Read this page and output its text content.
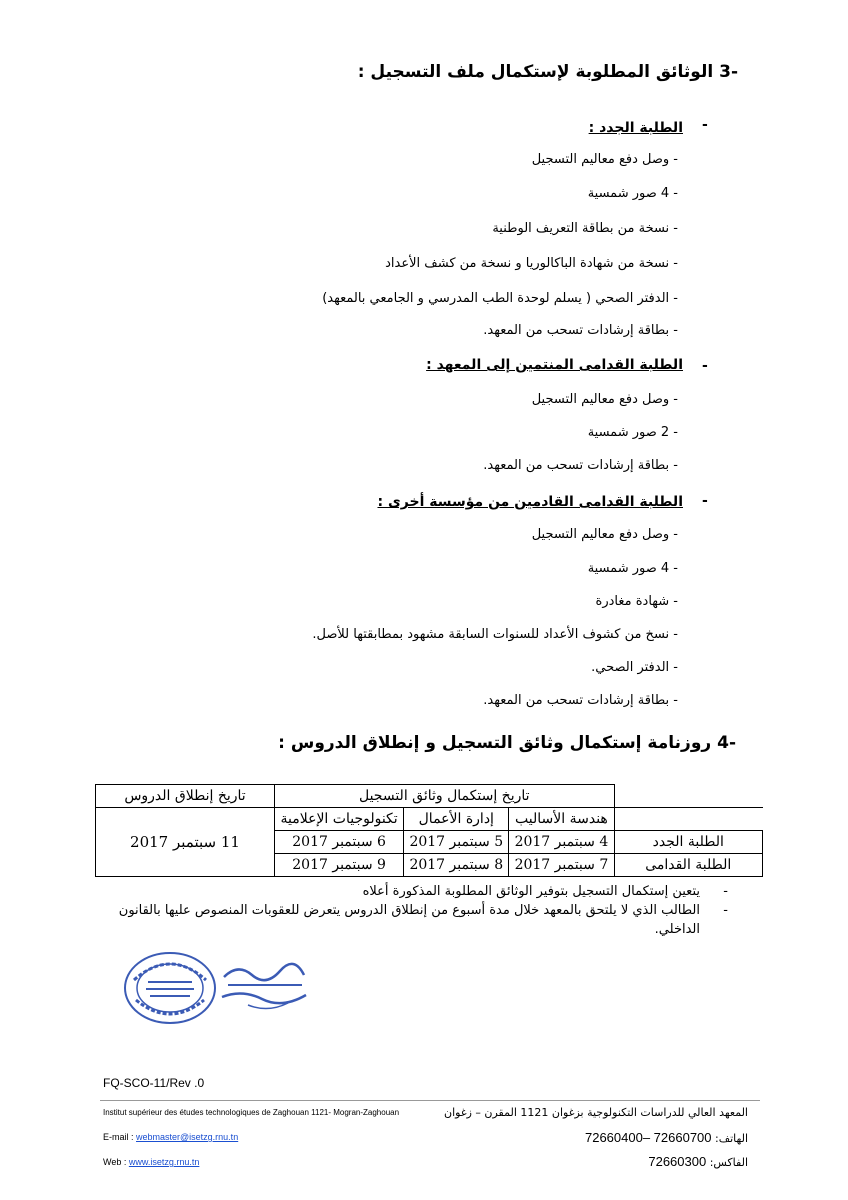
-3 الوثائق المطلوبة لإستكمال ملف التسجيل :
-
الطلبة الجدد :
- وصل دفع معاليم التسجيل
- 4 صور شمسية
- نسخة من بطاقة التعريف الوطنية
- نسخة من شهادة الباكالوريا و نسخة من كشف الأعداد
- الدفتر الصحي ( يسلم لوحدة الطب المدرسي و الجامعي بالمعهد)
- بطاقة إرشادات تسحب من المعهد.
-
الطلبة القدامى المنتمين إلى المعهد :
- وصل دفع معاليم التسجيل
- 2 صور شمسية
- بطاقة إرشادات تسحب من المعهد.
-
الطلبة القدامى القادمين من مؤسسة أخرى :
- وصل دفع معاليم التسجيل
- 4 صور شمسية
- شهادة مغادرة
- نسخ من كشوف الأعداد للسنوات السابقة مشهود بمطابقتها للأصل.
- الدفتر الصحي.
- بطاقة إرشادات تسحب من المعهد.
-4 روزنامة إستكمال وثائق التسجيل و إنطلاق الدروس :
	تاريخ إستكمال وثائق التسجيل			تاريخ إنطلاق الدروس
	هندسة الأساليب	إدارة الأعمال	تكنولوجيات الإعلامية	11 سبتمبر 2017
الطلبة الجدد	4 سبتمبر 2017	5 سبتمبر 2017	6 سبتمبر 2017	
الطلبة القدامى	7 سبتمبر 2017	8 سبتمبر 2017	9 سبتمبر 2017	
-
يتعين إستكمال التسجيل بتوفير الوثائق المطلوبة المذكورة أعلاه
-
الطالب الذي لا يلتحق بالمعهد خلال مدة أسبوع من إنطلاق الدروس يتعرض للعقوبات المنصوص عليها بالقانون الداخلي.
FQ-SCO-11/Rev .0
Institut supérieur des études technologiques de Zaghouan 1121- Mogran-Zaghouan	المعهد العالي للدراسات التكنولوجية بزغوان 1121 المقرن – زغوان
E-mail : webmaster@isetzg.rnu.tn	الهاتف: 72660700 –72660400
Web : www.isetzg.rnu.tn	الفاكس: 72660300
